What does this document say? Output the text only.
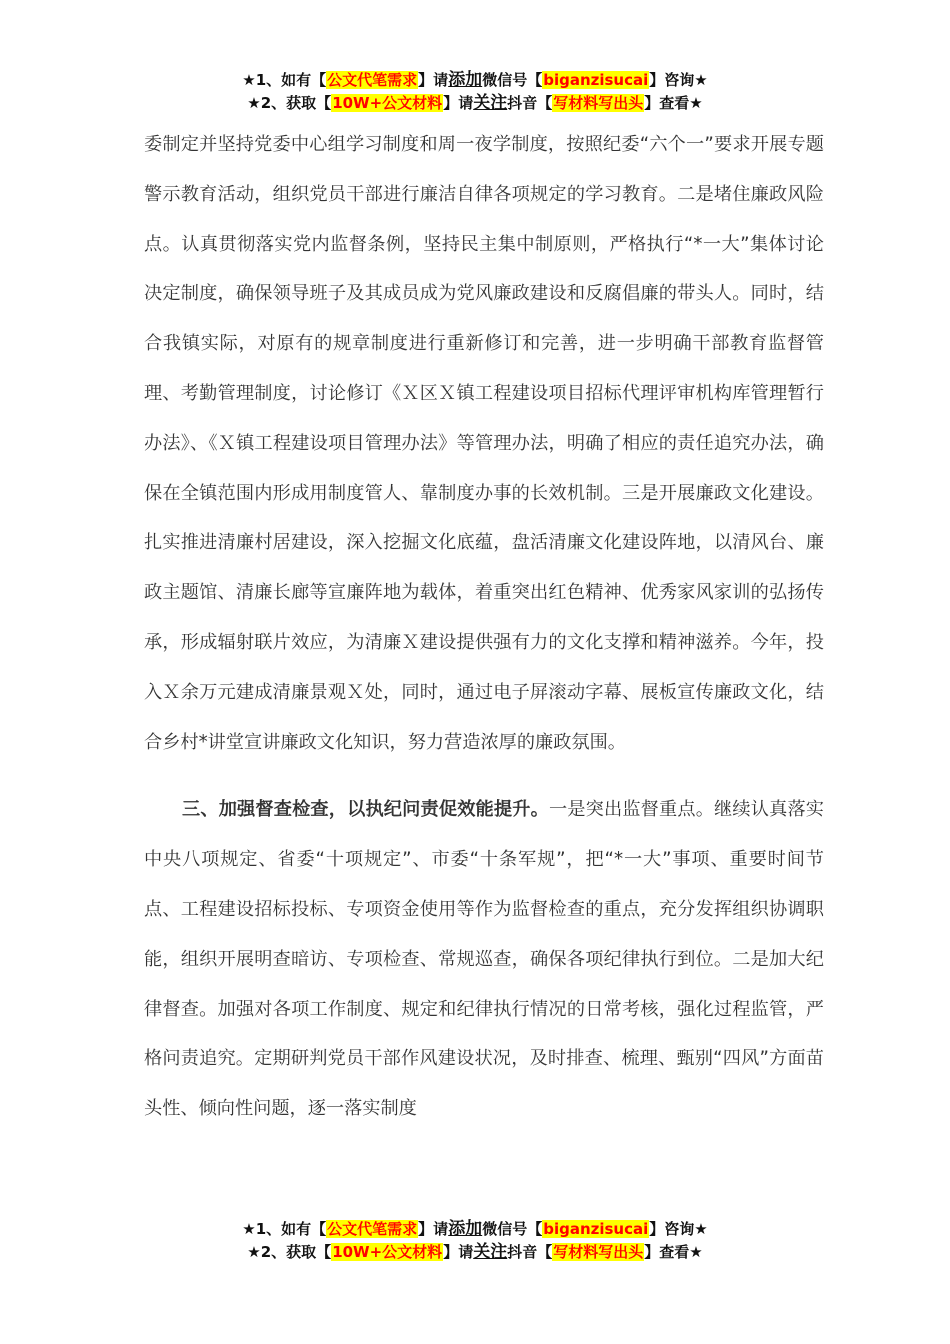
★1、如有【公文代笔需求】请添加微信号【biganzisucai】咨询★
★2、获取【10W+公文材料】请关注抖音【写材料写出头】查看★

委制定并坚持党委中心组学习制度和周一夜学制度，按照纪委“六个一”要求开展专题警示教育活动，组织党员干部进行廉洁自律各项规定的学习教育。二是堵住廉政风险点。认真贯彻落实党内监督条例，坚持民主集中制原则，严格执行“*一大”集体讨论决定制度，确保领导班子及其成员成为党风廉政建设和反腐倡廉的带头人。同时，结合我镇实际，对原有的规章制度进行重新修订和完善，进一步明确干部教育监督管理、考勤管理制度，讨论修订《Ｘ区Ｘ镇工程建设项目招标代理评审机构库管理暂行办法》、《Ｘ镇工程建设项目管理办法》等管理办法，明确了相应的责任追究办法，确保在全镇范围内形成用制度管人、靠制度办事的长效机制。三是开展廉政文化建设。扎实推进清廉村居建设，深入挖掘文化底蕴，盘活清廉文化建设阵地，以清风台、廉政主题馆、清廉长廊等宣廉阵地为载体，着重突出红色精神、优秀家风家训的弘扬传承，形成辐射联片效应，为清廉Ｘ建设提供强有力的文化支撑和精神滋养。今年，投入Ｘ余万元建成清廉景观Ｘ处，同时，通过电子屏滚动字幕、展板宣传廉政文化，结合乡村*讲堂宣讲廉政文化知识，努力营造浓厚的廉政氛围。

三、加强督查检查，以执纪问责促效能提升。一是突出监督重点。继续认真落实中央八项规定、省委“十项规定”、市委“十条军规”，把“*一大”事项、重要时间节点、工程建设招标投标、专项资金使用等作为监督检查的重点，充分发挥组织协调职能，组织开展明查暗访、专项检查、常规巡查，确保各项纪律执行到位。二是加大纪律督查。加强对各项工作制度、规定和纪律执行情况的日常考核，强化过程监管，严格问责追究。定期研判党员干部作风建设状况，及时排查、梳理、甄别“四风”方面苗头性、倾向性问题，逐一落实制度

★1、如有【公文代笔需求】请添加微信号【biganzisucai】咨询★
★2、获取【10W+公文材料】请关注抖音【写材料写出头】查看★
